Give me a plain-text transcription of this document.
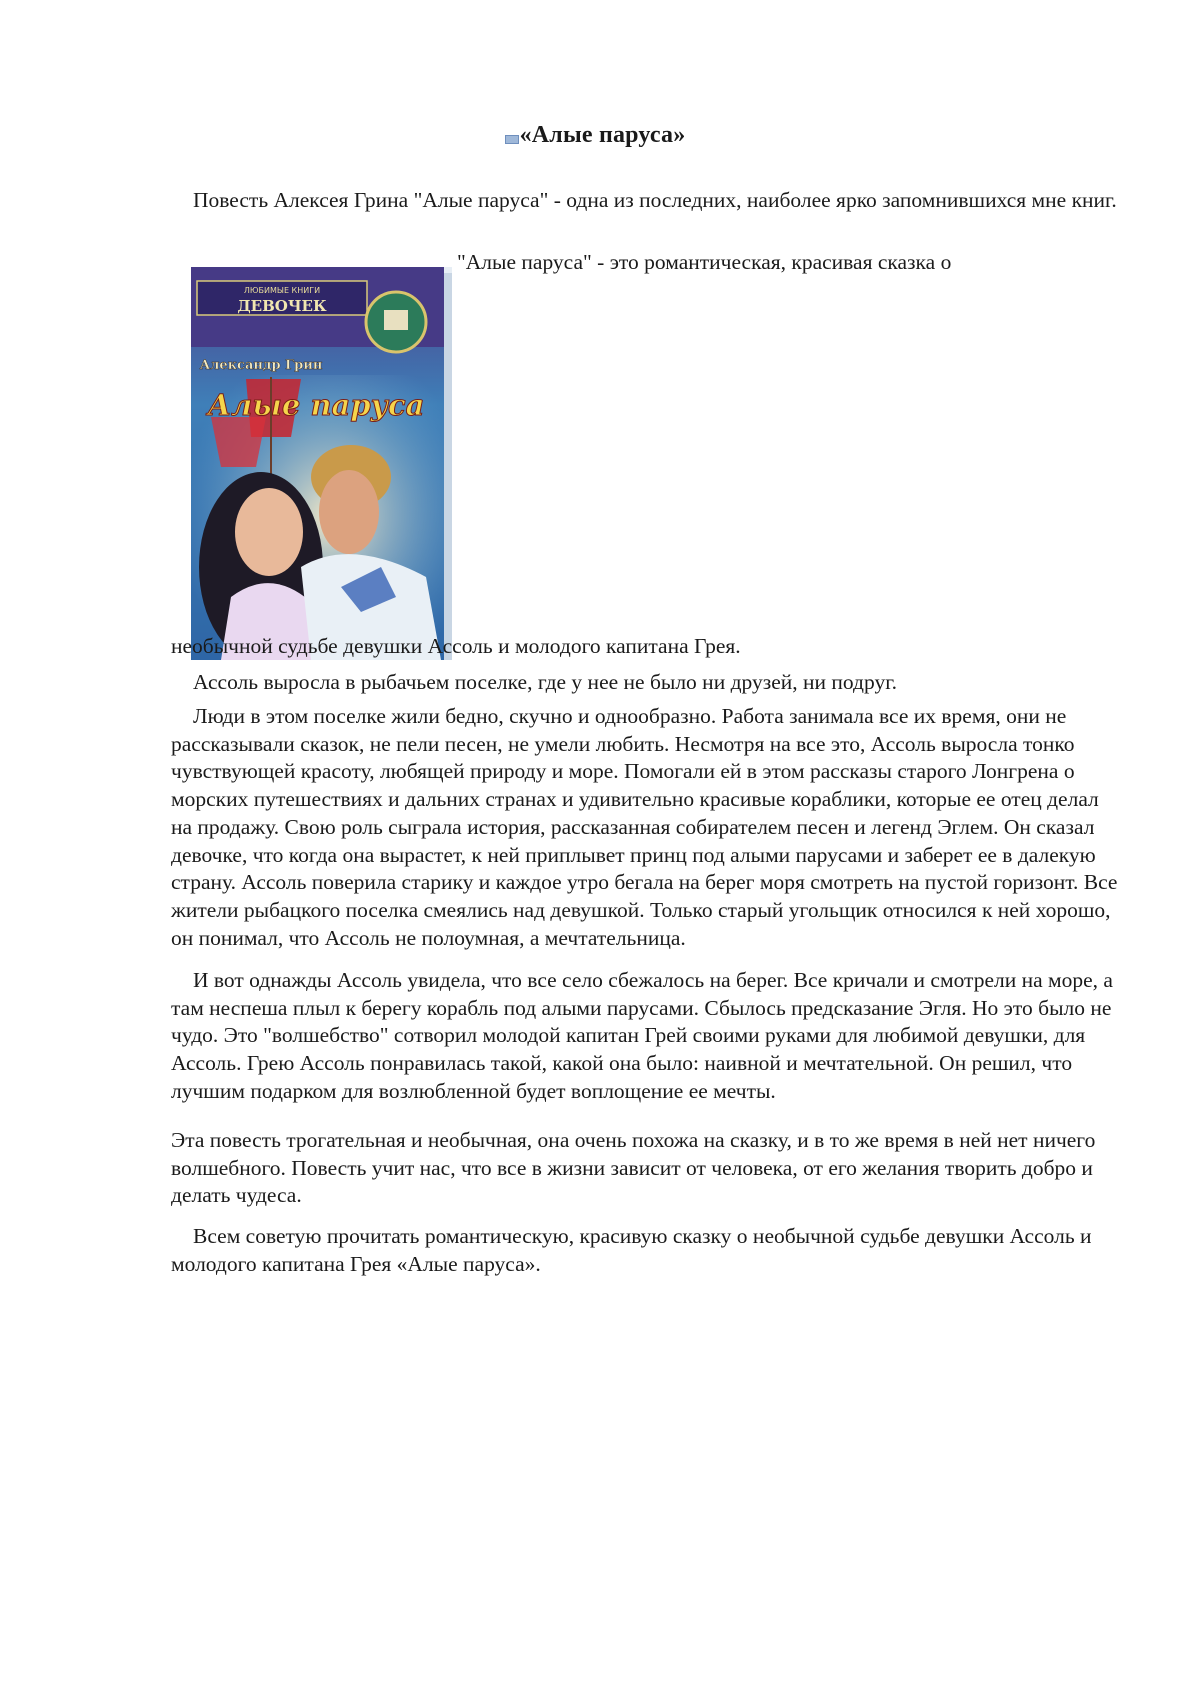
«Алые паруса»
Повесть Алексея Грина "Алые паруса" - одна из последних, наиболее ярко запомнившихся мне книг.
"Алые паруса" - это романтическая, красивая сказка о
ЛЮБИМЫЕ КНИГИ
ДЕВОЧЕК
Александр Грин
Алые паруса
необычной судьбе девушки Ассоль и молодого капитана Грея.
Ассоль выросла в рыбачьем поселке, где у нее не было ни друзей, ни подруг.
Люди в этом поселке жили бедно, скучно и однообразно. Работа занимала все их время, они не рассказывали сказок, не пели песен, не умели любить. Несмотря на все это, Ассоль выросла тонко чувствующей красоту, любящей природу и море. Помогали ей в этом рассказы старого Лонгрена о морских путешествиях и дальних странах и удивительно красивые кораблики, которые ее отец делал на продажу. Свою роль сыграла история, рассказанная собирателем песен и легенд Эглем. Он сказал девочке, что когда она вырастет, к ней приплывет принц под алыми парусами и заберет ее в далекую страну. Ассоль поверила старику и каждое утро бегала на берег моря смотреть на пустой горизонт. Все жители рыбацкого поселка смеялись над девушкой. Только старый угольщик относился к ней хорошо, он понимал, что Ассоль не полоумная, а мечтательница.
И вот однажды Ассоль увидела, что все село сбежалось на берег. Все кричали и смотрели на море, а там неспеша плыл к берегу корабль под алыми парусами. Сбылось предсказание Эгля. Но это было не чудо. Это "волшебство" сотворил молодой капитан Грей своими руками для любимой девушки, для Ассоль. Грею Ассоль понравилась такой, какой она было: наивной и мечтательной. Он решил, что лучшим подарком для возлюбленной будет воплощение ее мечты.
Эта повесть трогательная и необычная, она очень похожа на сказку, и в то же время в ней нет ничего волшебного. Повесть учит нас, что все в жизни зависит от человека, от его желания творить добро и делать чудеса.
Всем советую прочитать романтическую, красивую сказку о необычной судьбе девушки Ассоль и молодого капитана Грея «Алые паруса».
